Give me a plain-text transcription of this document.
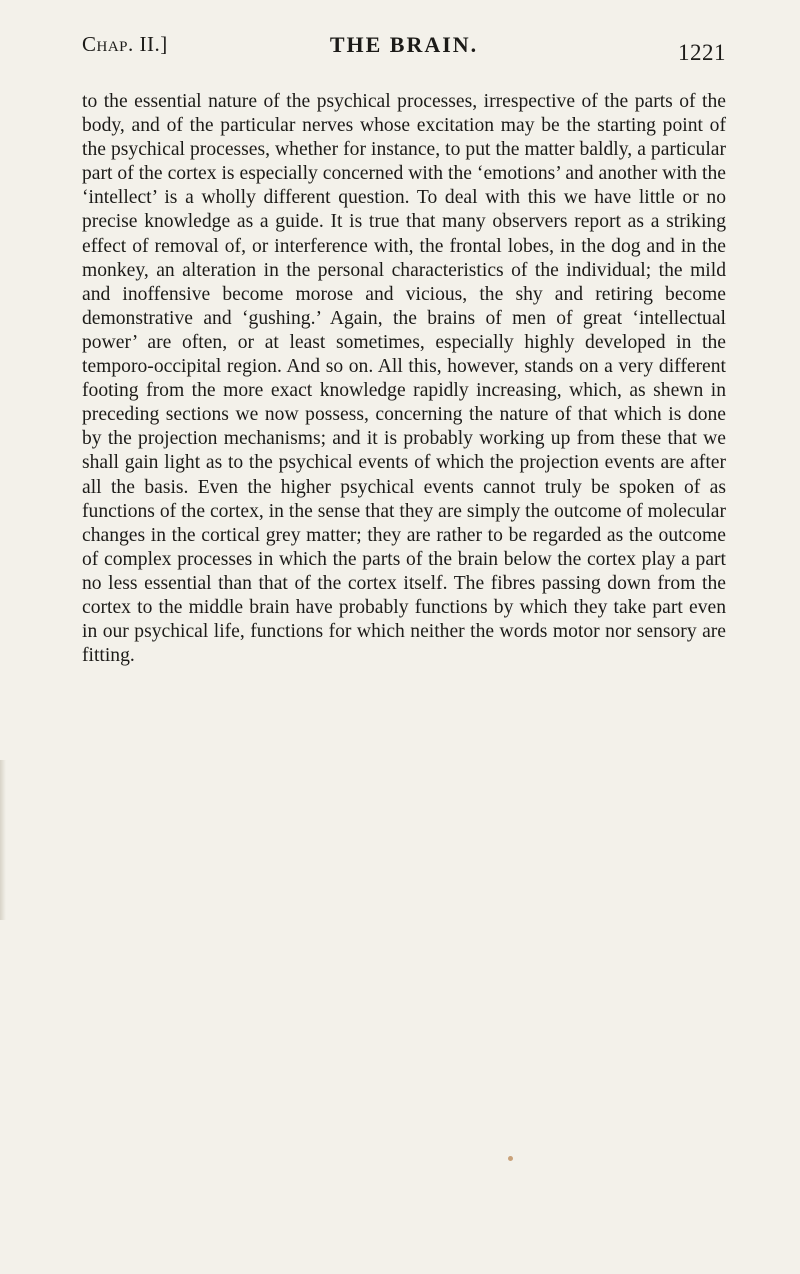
Chap. II.]	THE BRAIN.	1221

to the essential nature of the psychical processes, irrespective of the parts of the body, and of the particular nerves whose excitation may be the starting point of the psychical processes, whether for instance, to put the matter baldly, a particular part of the cortex is especially concerned with the ‘emotions’ and another with the ‘intellect’ is a wholly different question. To deal with this we have little or no precise knowledge as a guide. It is true that many observers report as a striking effect of removal of, or interference with, the frontal lobes, in the dog and in the monkey, an alteration in the personal characteristics of the individual; the mild and inoffensive become morose and vicious, the shy and retiring become demonstrative and ‘gushing.’ Again, the brains of men of great ‘intellectual power’ are often, or at least sometimes, especially highly developed in the temporo-occipital region. And so on. All this, however, stands on a very different footing from the more exact knowledge rapidly increasing, which, as shewn in preceding sections we now possess, concerning the nature of that which is done by the projection mechanisms; and it is probably working up from these that we shall gain light as to the psychical events of which the projection events are after all the basis. Even the higher psychical events cannot truly be spoken of as functions of the cortex, in the sense that they are simply the outcome of molecular changes in the cortical grey matter; they are rather to be regarded as the outcome of complex processes in which the parts of the brain below the cortex play a part no less essential than that of the cortex itself. The fibres passing down from the cortex to the middle brain have probably functions by which they take part even in our psychical life, functions for which neither the words motor nor sensory are fitting.
